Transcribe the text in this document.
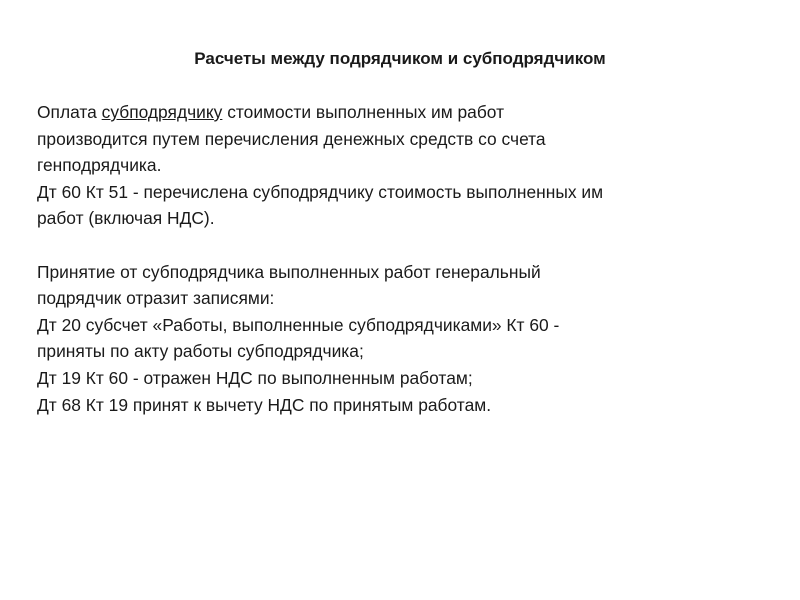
Расчеты между подрядчиком и субподрядчиком
Оплата субподрядчику стоимости выполненных им работ
производится путем перечисления денежных средств со счета
генподрядчика.
Дт 60 Кт 51 - перечислена субподрядчику стоимость выполненных им
работ (включая НДС).
Принятие от субподрядчика выполненных работ генеральный
подрядчик отразит записями:
Дт 20 субсчет «Работы, выполненные субподрядчиками» Кт 60 -
приняты по акту работы субподрядчика;
Дт 19 Кт 60 - отражен НДС по выполненным работам;
Дт 68 Кт 19 принят к вычету НДС по принятым работам.
